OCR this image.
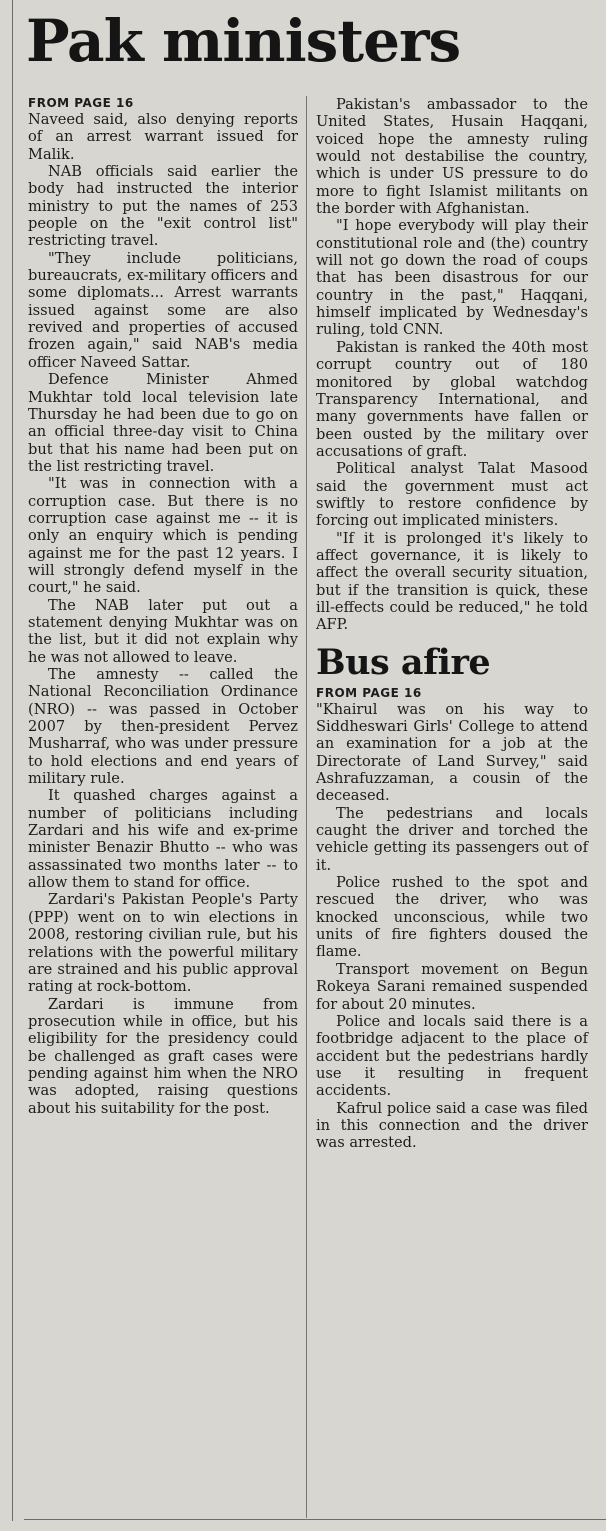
Pak ministers

FROM PAGE 16

Naveed said, also denying reports of an arrest warrant issued for Malik.

NAB officials said earlier the body had instructed the interior ministry to put the names of 253 people on the "exit control list" restricting travel.

"They include politicians, bureaucrats, ex-military officers and some diplomats... Arrest warrants issued against some are also revived and properties of accused frozen again," said NAB's media officer Naveed Sattar.

Defence Minister Ahmed Mukhtar told local television late Thursday he had been due to go on an official three-day visit to China but that his name had been put on the list restricting travel.

"It was in connection with a corruption case. But there is no corruption case against me -- it is only an enquiry which is pending against me for the past 12 years. I will strongly defend myself in the court," he said.

The NAB later put out a statement denying Mukhtar was on the list, but it did not explain why he was not allowed to leave.

The amnesty -- called the National Reconciliation Ordinance (NRO) -- was passed in October 2007 by then-president Pervez Musharraf, who was under pressure to hold elections and end years of military rule.

It quashed charges against a number of politicians including Zardari and his wife and ex-prime minister Benazir Bhutto -- who was assassinated two months later -- to allow them to stand for office.

Zardari's Pakistan People's Party (PPP) went on to win elections in 2008, restoring civilian rule, but his relations with the powerful military are strained and his public approval rating at rock-bottom.

Zardari is immune from prosecution while in office, but his eligibility for the presidency could be challenged as graft cases were pending against him when the NRO was adopted, raising questions about his suitability for the post.

Pakistan's ambassador to the United States, Husain Haqqani, voiced hope the amnesty ruling would not destabilise the country, which is under US pressure to do more to fight Islamist militants on the border with Afghanistan.

"I hope everybody will play their constitutional role and (the) country will not go down the road of coups that has been disastrous for our country in the past," Haqqani, himself implicated by Wednesday's ruling, told CNN.

Pakistan is ranked the 40th most corrupt country out of 180 monitored by global watchdog Transparency International, and many governments have fallen or been ousted by the military over accusations of graft.

Political analyst Talat Masood said the government must act swiftly to restore confidence by forcing out implicated ministers.

"If it is prolonged it's likely to affect governance, it is likely to affect the overall security situation, but if the transition is quick, these ill-effects could be reduced," he told AFP.

Bus afire

FROM PAGE 16

"Khairul was on his way to Siddheswari Girls' College to attend an examination for a job at the Directorate of Land Survey," said Ashrafuzzaman, a cousin of the deceased.

The pedestrians and locals caught the driver and torched the vehicle getting its passengers out of it.

Police rushed to the spot and rescued the driver, who was knocked unconscious, while two units of fire fighters doused the flame.

Transport movement on Begun Rokeya Sarani remained suspended for about 20 minutes.

Police and locals said there is a footbridge adjacent to the place of accident but the pedestrians hardly use it resulting in frequent accidents.

Kafrul police said a case was filed in this connection and the driver was arrested.
